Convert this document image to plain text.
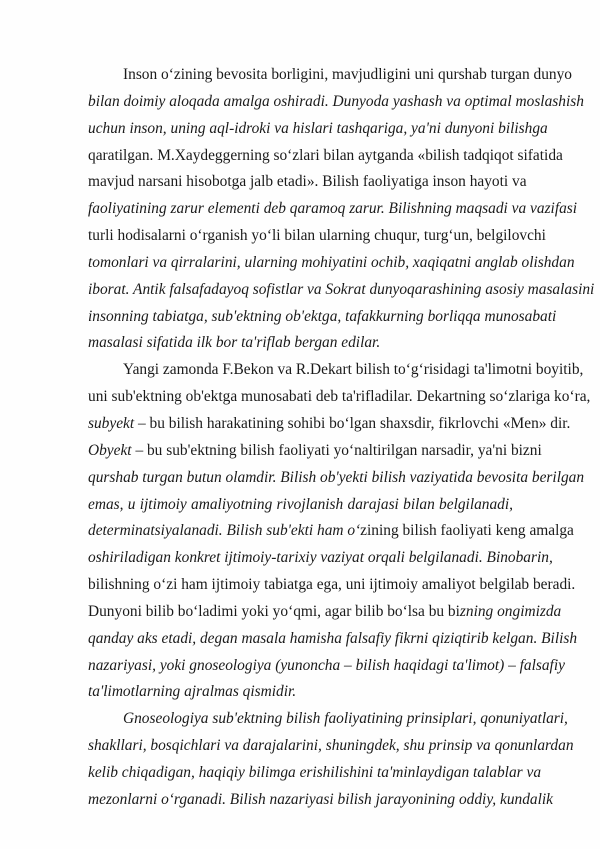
Inson o‘zining bevosita borligini, mavjudligini uni qurshab turgan dunyo
bilan doimiy aloqada amalga oshiradi. Dunyoda yashash va optimal moslashish
uchun inson, uning aql-idroki va hislari tashqariga, ya'ni dunyoni bilishga
qaratilgan. M.Xaydeggerning so‘zlari bilan aytganda «bilish tadqiqot sifatida
mavjud narsani hisobotga jalb etadi». Bilish faoliyatiga inson hayoti va
faoliyatining zarur elementi deb qaramoq zarur. Bilishning maqsadi va vazifasi
turli hodisalarni o‘rganish yo‘li bilan ularning chuqur, turg‘un, belgilovchi
tomonlari va qirralarini, ularning mohiyatini ochib, xaqiqatni anglab olishdan
iborat. Antik falsafadayoq sofistlar va Sokrat dunyoqarashining asosiy masalasini
insonning tabiatga, sub'ektning ob'ektga, tafakkurning borliqqa munosabati
masalasi sifatida ilk bor ta'riflab bergan edilar.
Yangi zamonda F.Bekon va R.Dekart bilish to‘g‘risidagi ta'limotni boyitib,
uni sub'ektning ob'ektga munosabati deb ta'rifladilar. Dekartning so‘zlariga ko‘ra,
subyekt – bu bilish harakatining sohibi bo‘lgan shaxsdir, fikrlovchi «Men» dir.
Obyekt – bu sub'ektning bilish faoliyati yo‘naltirilgan narsadir, ya'ni bizni
qurshab turgan butun olamdir. Bilish ob'yekti bilish vaziyatida bevosita berilgan
emas, u ijtimoiy amaliyotning rivojlanish darajasi bilan belgilanadi,
determinatsiyalanadi. Bilish sub'ekti ham o‘zining bilish faoliyati keng amalga
oshiriladigan konkret ijtimoiy-tarixiy vaziyat orqali belgilanadi. Binobarin,
bilishning o‘zi ham ijtimoiy tabiatga ega, uni ijtimoiy amaliyot belgilab beradi.
Dunyoni bilib bo‘ladimi yoki yo‘qmi, agar bilib bo‘lsa bu bizning ongimizda
qanday aks etadi, degan masala hamisha falsafiy fikrni qiziqtirib kelgan. Bilish
nazariyasi, yoki gnoseologiya (yunoncha – bilish haqidagi ta'limot) – falsafiy
ta'limotlarning ajralmas qismidir.
Gnoseologiya sub'ektning bilish faoliyatining prinsiplari, qonuniyatlari,
shakllari, bosqichlari va darajalarini, shuningdek, shu prinsip va qonunlardan
kelib chiqadigan, haqiqiy bilimga erishilishini ta'minlaydigan talablar va
mezonlarni o‘rganadi. Bilish nazariyasi bilish jarayonining oddiy, kundalik
